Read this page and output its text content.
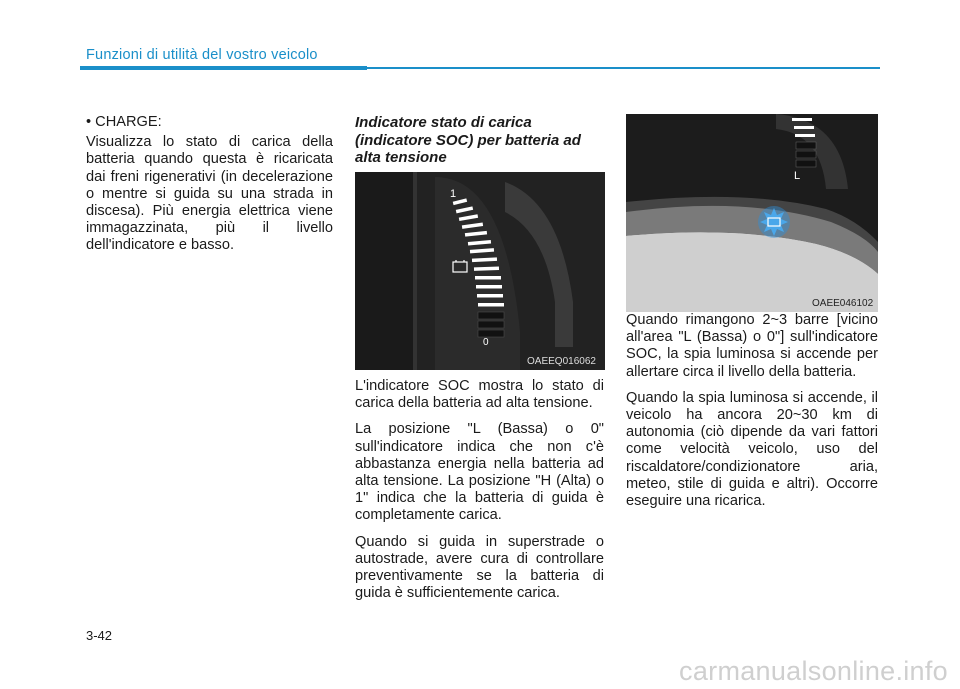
Funzioni di utilità del vostro veicolo

• CHARGE:

Visualizza lo stato di carica della batteria quando questa è ricaricata dai freni rigenerativi (in decelerazione o mentre si guida su una strada in discesa). Più energia elettrica viene immagazzinata, più il livello dell'indicatore e basso.

Indicatore stato di carica (indicatore SOC) per batteria ad alta tensione
1
0
OAEEQ016062

L'indicatore SOC mostra lo stato di carica della batteria ad alta tensione.

La posizione "L (Bassa) o 0" sull'indicatore indica che non c'è abbastanza energia nella batteria ad alta tensione. La posizione "H (Alta) o 1" indica che la batteria di guida è completamente carica.

Quando si guida in superstrade o autostrade, avere cura di controllare preventivamente se la batteria di guida è sufficientemente carica.

L
OAEE046102

Quando rimangono 2~3 barre [vicino all'area "L (Bassa) o 0"] sull'indicatore SOC, la spia luminosa si accende per allertare circa il livello della batteria.

Quando la spia luminosa si accende, il veicolo ha ancora 20~30 km di autonomia (ciò dipende da vari fattori come velocità veicolo, uso del riscaldatore/condizionatore aria, meteo, stile di guida e altri). Occorre eseguire una ricarica.

3-42
carmanualsonline.info
